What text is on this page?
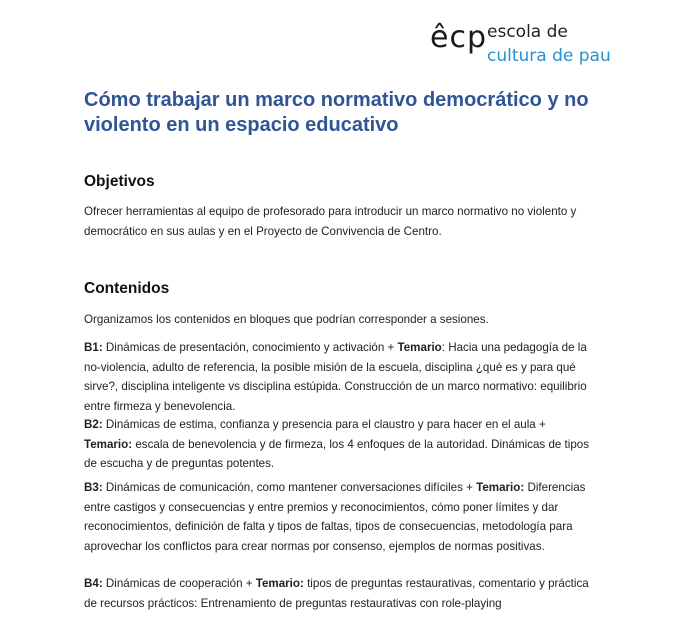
êcp escola de
cultura de pau
Cómo trabajar un marco normativo democrático y no violento en un espacio educativo
Objetivos

Ofrecer herramientas al equipo de profesorado para introducir un marco normativo no violento y democrático en sus aulas y en el Proyecto de Convivencia de Centro.

Contenidos

Organizamos los contenidos en bloques que podrían corresponder a sesiones.

B1: Dinámicas de presentación, conocimiento y activación + Temario: Hacia una pedagogía de la no-violencia, adulto de referencia, la posible misión de la escuela, disciplina ¿qué es y para qué sirve?, disciplina inteligente vs disciplina estúpida. Construcción de un marco normativo: equilibrio entre firmeza y benevolencia.

B2: Dinámicas de estima, confianza y presencia para el claustro y para hacer en el aula + Temario: escala de benevolencia y de firmeza, los 4 enfoques de la autoridad. Dinámicas de tipos de escucha y de preguntas potentes.

B3: Dinámicas de comunicación, como mantener conversaciones difíciles + Temario: Diferencias entre castigos y consecuencias y entre premios y reconocimientos, cómo poner límites y dar reconocimientos, definición de falta y tipos de faltas, tipos de consecuencias, metodología para aprovechar los conflictos para crear normas por consenso, ejemplos de normas positivas.

B4: Dinámicas de cooperación + Temario: tipos de preguntas restaurativas, comentario y práctica de recursos prácticos: Entrenamiento de preguntas restaurativas con role-playing
